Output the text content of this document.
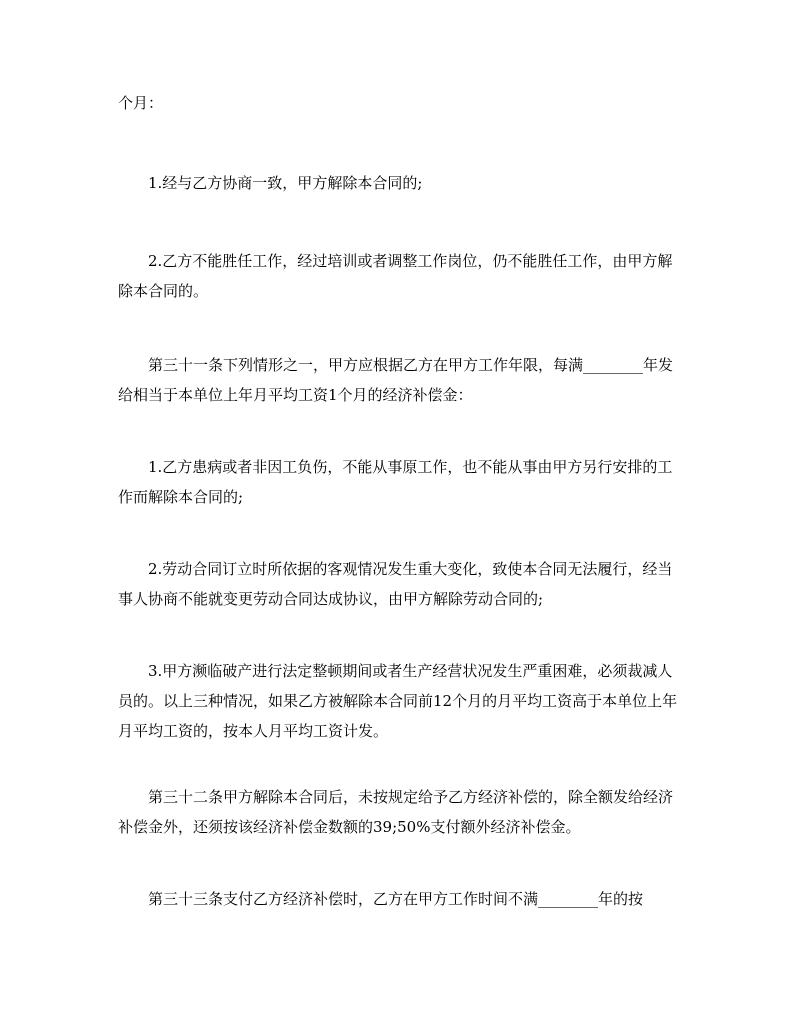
个月：

1.经与乙方协商一致，甲方解除本合同的;

2.乙方不能胜任工作，经过培训或者调整工作岗位，仍不能胜任工作，由甲方解除本合同的。

第三十一条下列情形之一，甲方应根据乙方在甲方工作年限，每满________年发给相当于本单位上年月平均工资1个月的经济补偿金：

1.乙方患病或者非因工负伤，不能从事原工作，也不能从事由甲方另行安排的工作而解除本合同的;

2.劳动合同订立时所依据的客观情况发生重大变化，致使本合同无法履行，经当事人协商不能就变更劳动合同达成协议，由甲方解除劳动合同的;

3.甲方濒临破产进行法定整顿期间或者生产经营状况发生严重困难，必须裁减人员的。以上三种情况，如果乙方被解除本合同前12个月的月平均工资高于本单位上年月平均工资的，按本人月平均工资计发。

第三十二条甲方解除本合同后，未按规定给予乙方经济补偿的，除全额发给经济补偿金外，还须按该经济补偿金数额的39;50%支付额外经济补偿金。

第三十三条支付乙方经济补偿时，乙方在甲方工作时间不满________年的按
